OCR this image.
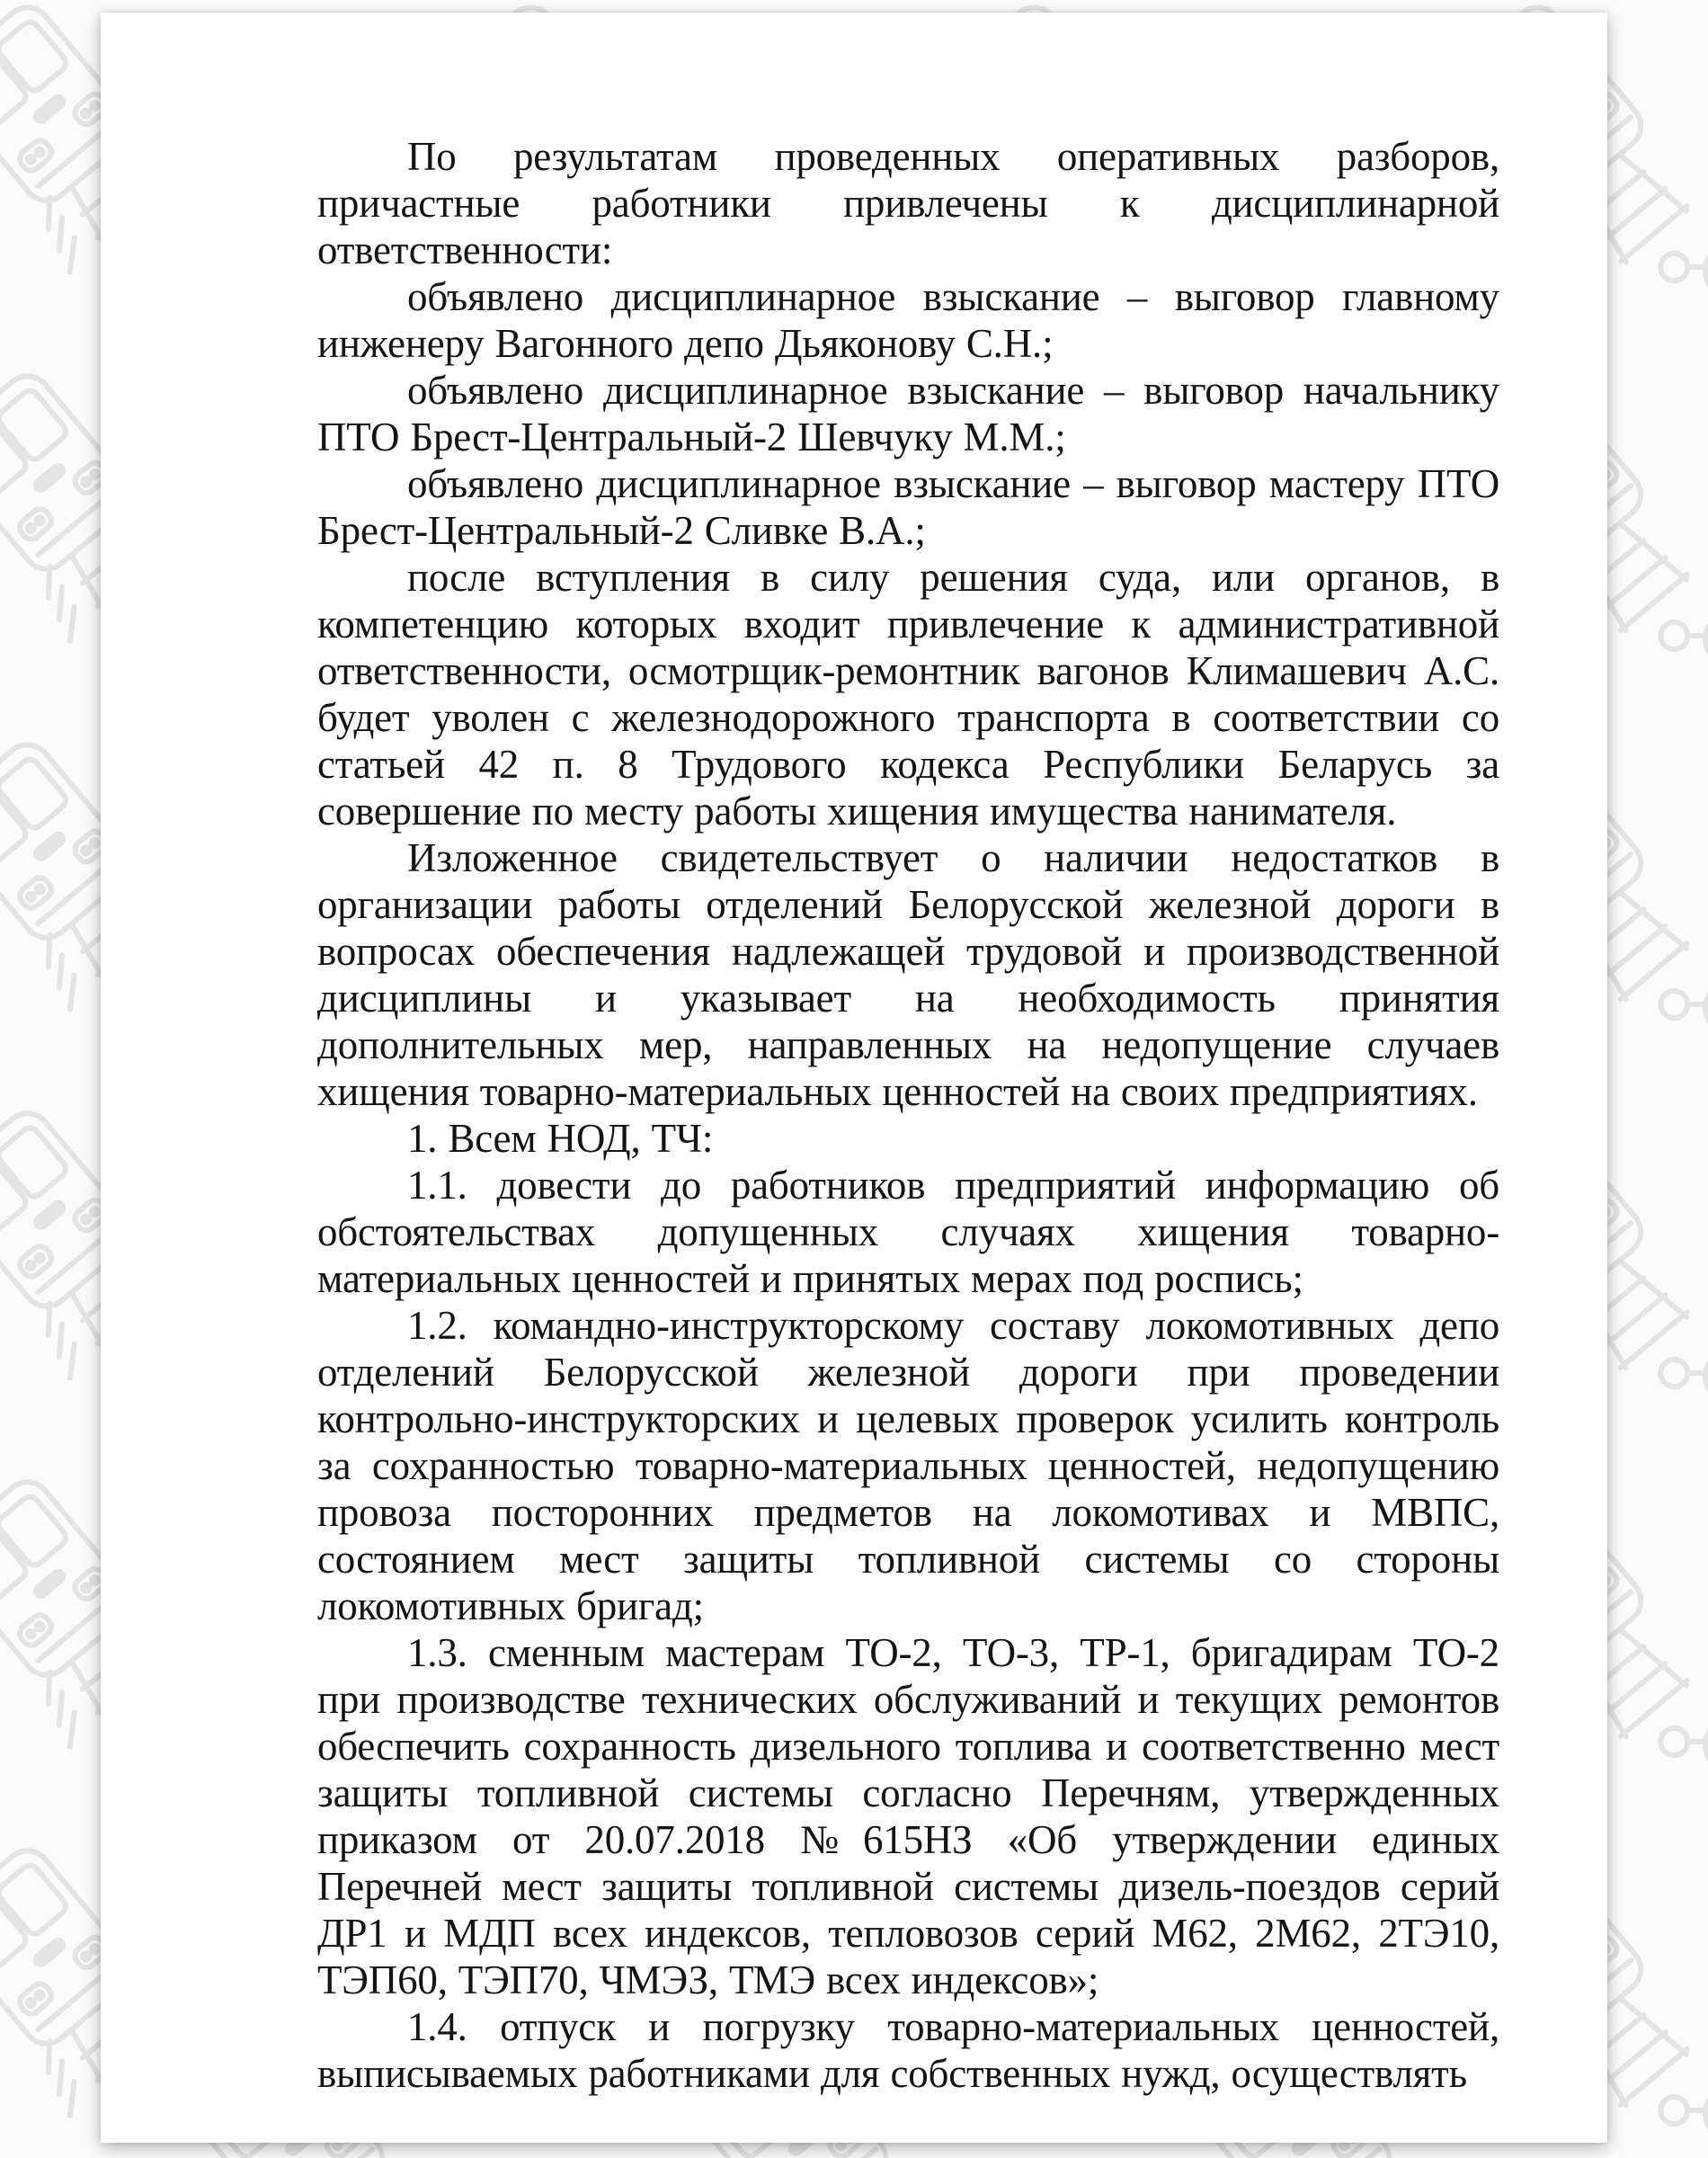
По результатам проведенных оперативных разборов, причастные работники привлечены к дисциплинарной ответственности:

объявлено дисциплинарное взыскание – выговор главному инженеру Вагонного депо Дьяконову С.Н.;

объявлено дисциплинарное взыскание – выговор начальнику ПТО Брест-Центральный-2 Шевчуку М.М.;

объявлено дисциплинарное взыскание – выговор мастеру ПТО Брест-Центральный-2 Сливке В.А.;

после вступления в силу решения суда, или органов, в компетенцию которых входит привлечение к административной ответственности, осмотрщик-ремонтник вагонов Климашевич А.С. будет уволен с железнодорожного транспорта в соответствии со статьей 42 п. 8 Трудового кодекса Республики Беларусь за совершение по месту работы хищения имущества нанимателя.

Изложенное свидетельствует о наличии недостатков в организации работы отделений Белорусской железной дороги в вопросах обеспечения надлежащей трудовой и производственной дисциплины и указывает на необходимость принятия дополнительных мер, направленных на недопущение случаев хищения товарно-материальных ценностей на своих предприятиях.

1. Всем НОД, ТЧ:

1.1. довести до работников предприятий информацию об обстоятельствах допущенных случаях хищения товарно-материальных ценностей и принятых мерах под роспись;

1.2. командно-инструкторскому составу локомотивных депо отделений Белорусской железной дороги при проведении контрольно-инструкторских и целевых проверок усилить контроль за сохранностью товарно-материальных ценностей, недопущению провоза посторонних предметов на локомотивах и МВПС, состоянием мест защиты топливной системы со стороны локомотивных бригад;

1.3. сменным мастерам ТО-2, ТО-3, ТР-1, бригадирам ТО-2 при производстве технических обслуживаний и текущих ремонтов обеспечить сохранность дизельного топлива и соответственно мест защиты топливной системы согласно Перечням, утвержденных приказом от 20.07.2018 №615НЗ «Об утверждении единых Перечней мест защиты топливной системы дизель-поездов серий ДР1 и МДП всех индексов, тепловозов серий М62, 2М62, 2ТЭ10, ТЭП60, ТЭП70, ЧМЭЗ, ТМЭ всех индексов»;

1.4. отпуск и погрузку товарно-материальных ценностей, выписываемых работниками для собственных нужд, осуществлять
